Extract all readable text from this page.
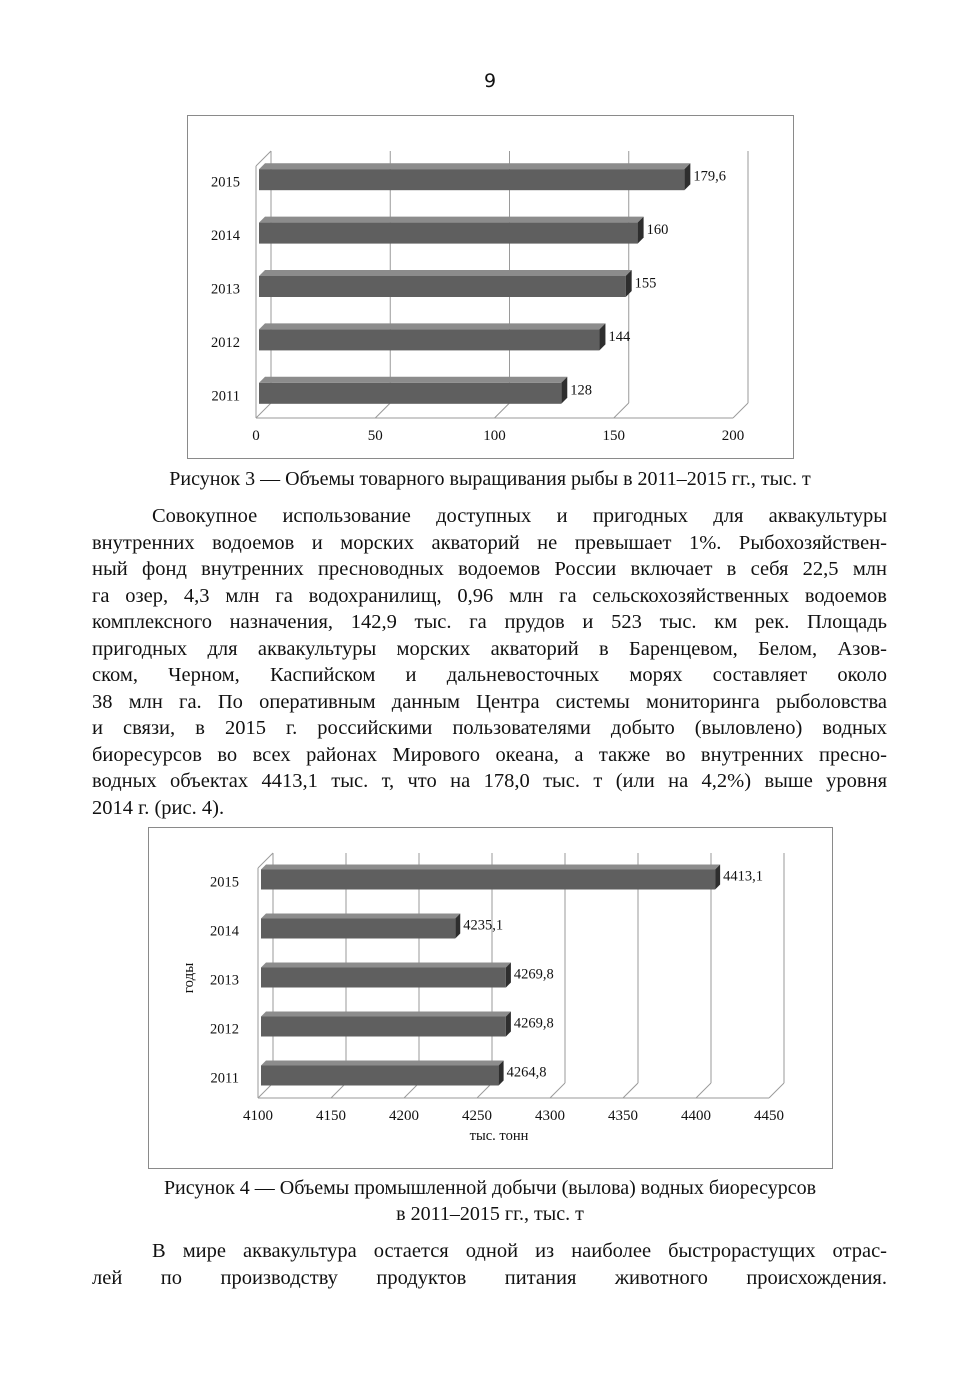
9
0	50	100	150	200
128
2011
144
2012
155
2013
160
2014
179,6
2015
Рисунок 3 — Объемы товарного выращивания рыбы в 2011–2015 гг., тыс. т
Совокупное использование доступных и пригодных для аквакультуры
внутренних водоемов и морских акваторий не превышает 1%. Рыбохозяйствен-
ный фонд внутренних пресноводных водоемов России включает в себя 22,5 млн
га озер, 4,3 млн га водохранилищ, 0,96 млн га сельскохозяйственных водоемов
комплексного назначения, 142,9 тыс. га прудов и 523 тыс. км рек. Площадь
пригодных для аквакультуры морских акваторий в Баренцевом, Белом, Азов-
ском, Черном, Каспийском и дальневосточных морях составляет около
38 млн га. По оперативным данным Центра системы мониторинга рыболовства
и связи, в 2015 г. российскими пользователями добыто (выловлено) водных
биоресурсов во всех районах Мирового океана, а также во внутренних пресно-
водных объектах 4413,1 тыс. т, что на 178,0 тыс. т (или на 4,2%) выше уровня
2014 г. (рис. 4).
4100	4150	4200	4250	4300	4350	4400	4450
4264,8
2011
4269,8
2012
4269,8
2013
4235,1
2014
4413,1
2015
тыс. тонн
годы
Рисунок 4 — Объемы промышленной добычи (вылова) водных биоресурсов
в 2011–2015 гг., тыс. т
В мире аквакультура остается одной из наиболее быстрорастущих отрас-
лей по производству продуктов питания животного происхождения.
